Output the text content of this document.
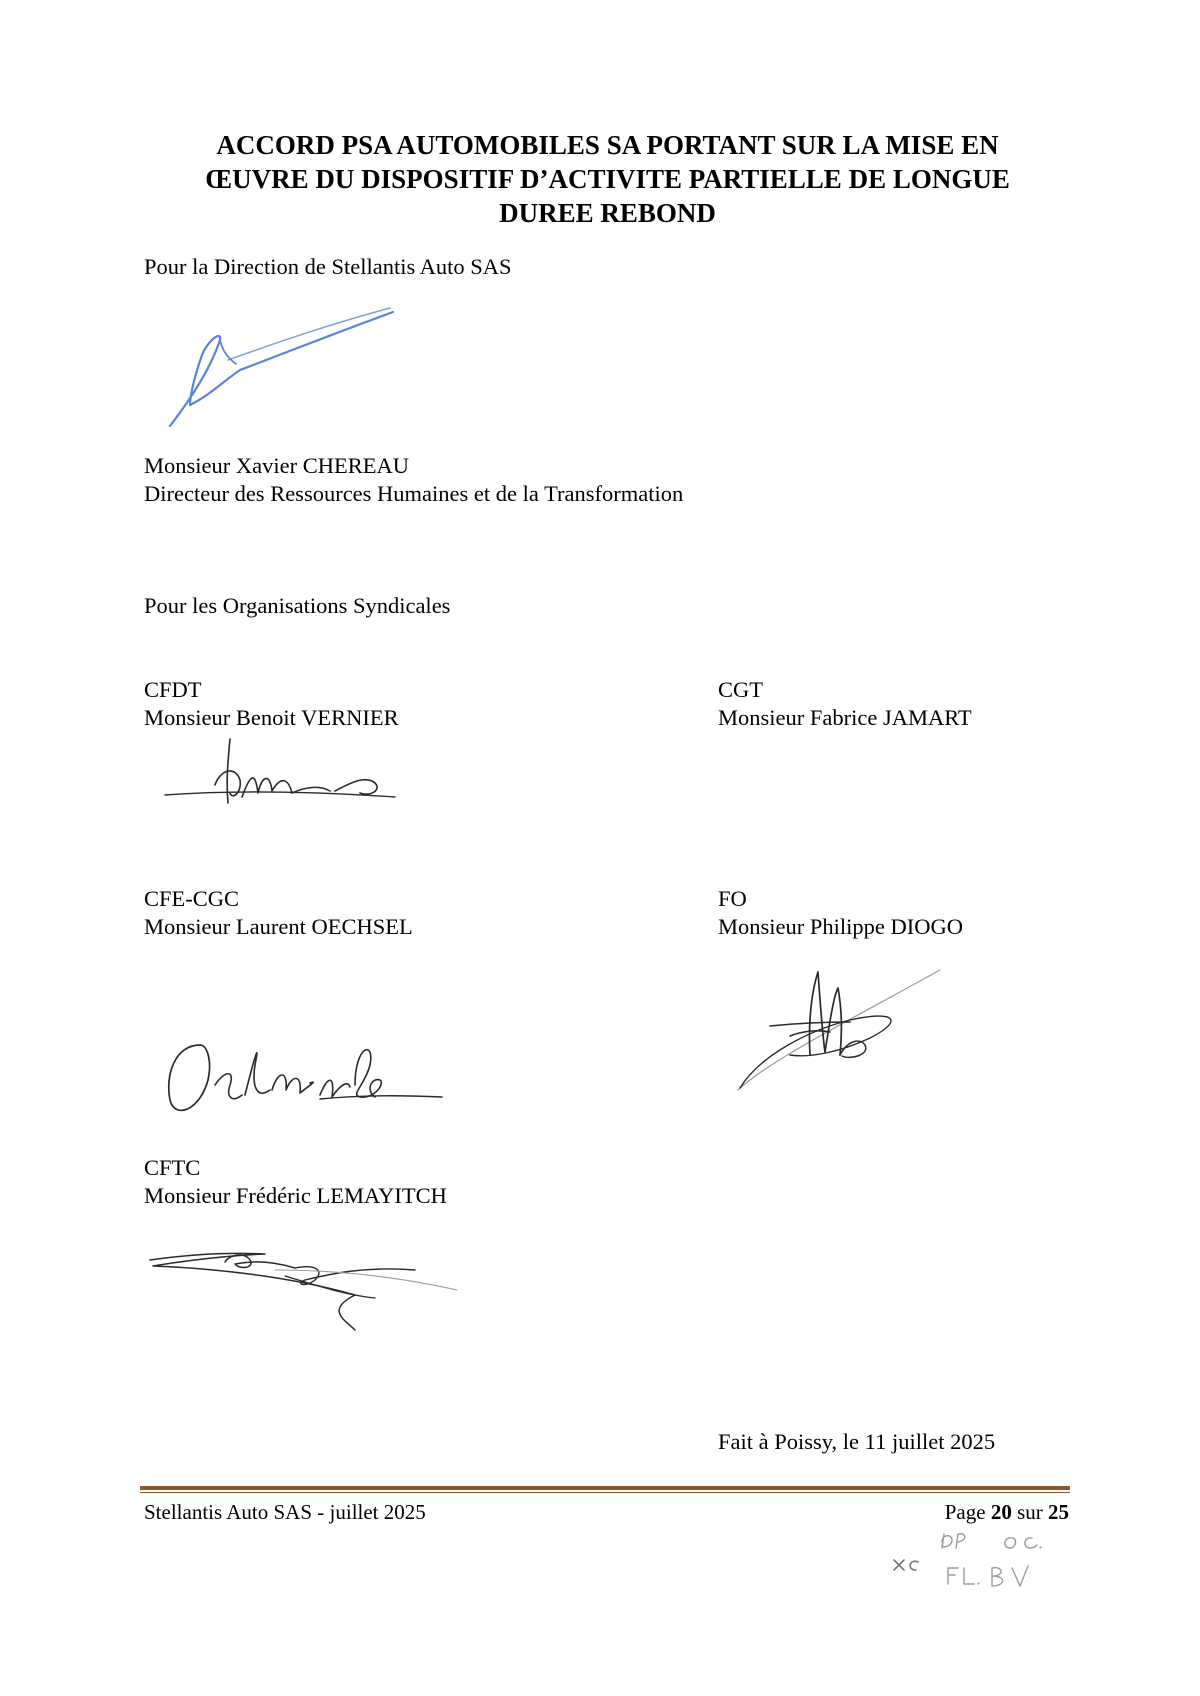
ACCORD PSA AUTOMOBILES SA PORTANT SUR LA MISE EN
ŒUVRE DU DISPOSITIF D’ACTIVITE PARTIELLE DE LONGUE
DUREE REBOND
Pour la Direction de Stellantis Auto SAS
Monsieur Xavier CHEREAU
Directeur des Ressources Humaines et de la Transformation
Pour les Organisations Syndicales
CFDT
Monsieur Benoit VERNIER
CGT
Monsieur Fabrice JAMART
CFE-CGC
Monsieur Laurent OECHSEL
FO
Monsieur Philippe DIOGO
CFTC
Monsieur Frédéric LEMAYITCH
Fait à Poissy, le 11 juillet 2025
Stellantis Auto SAS - juillet 2025	Page 20 sur 25
